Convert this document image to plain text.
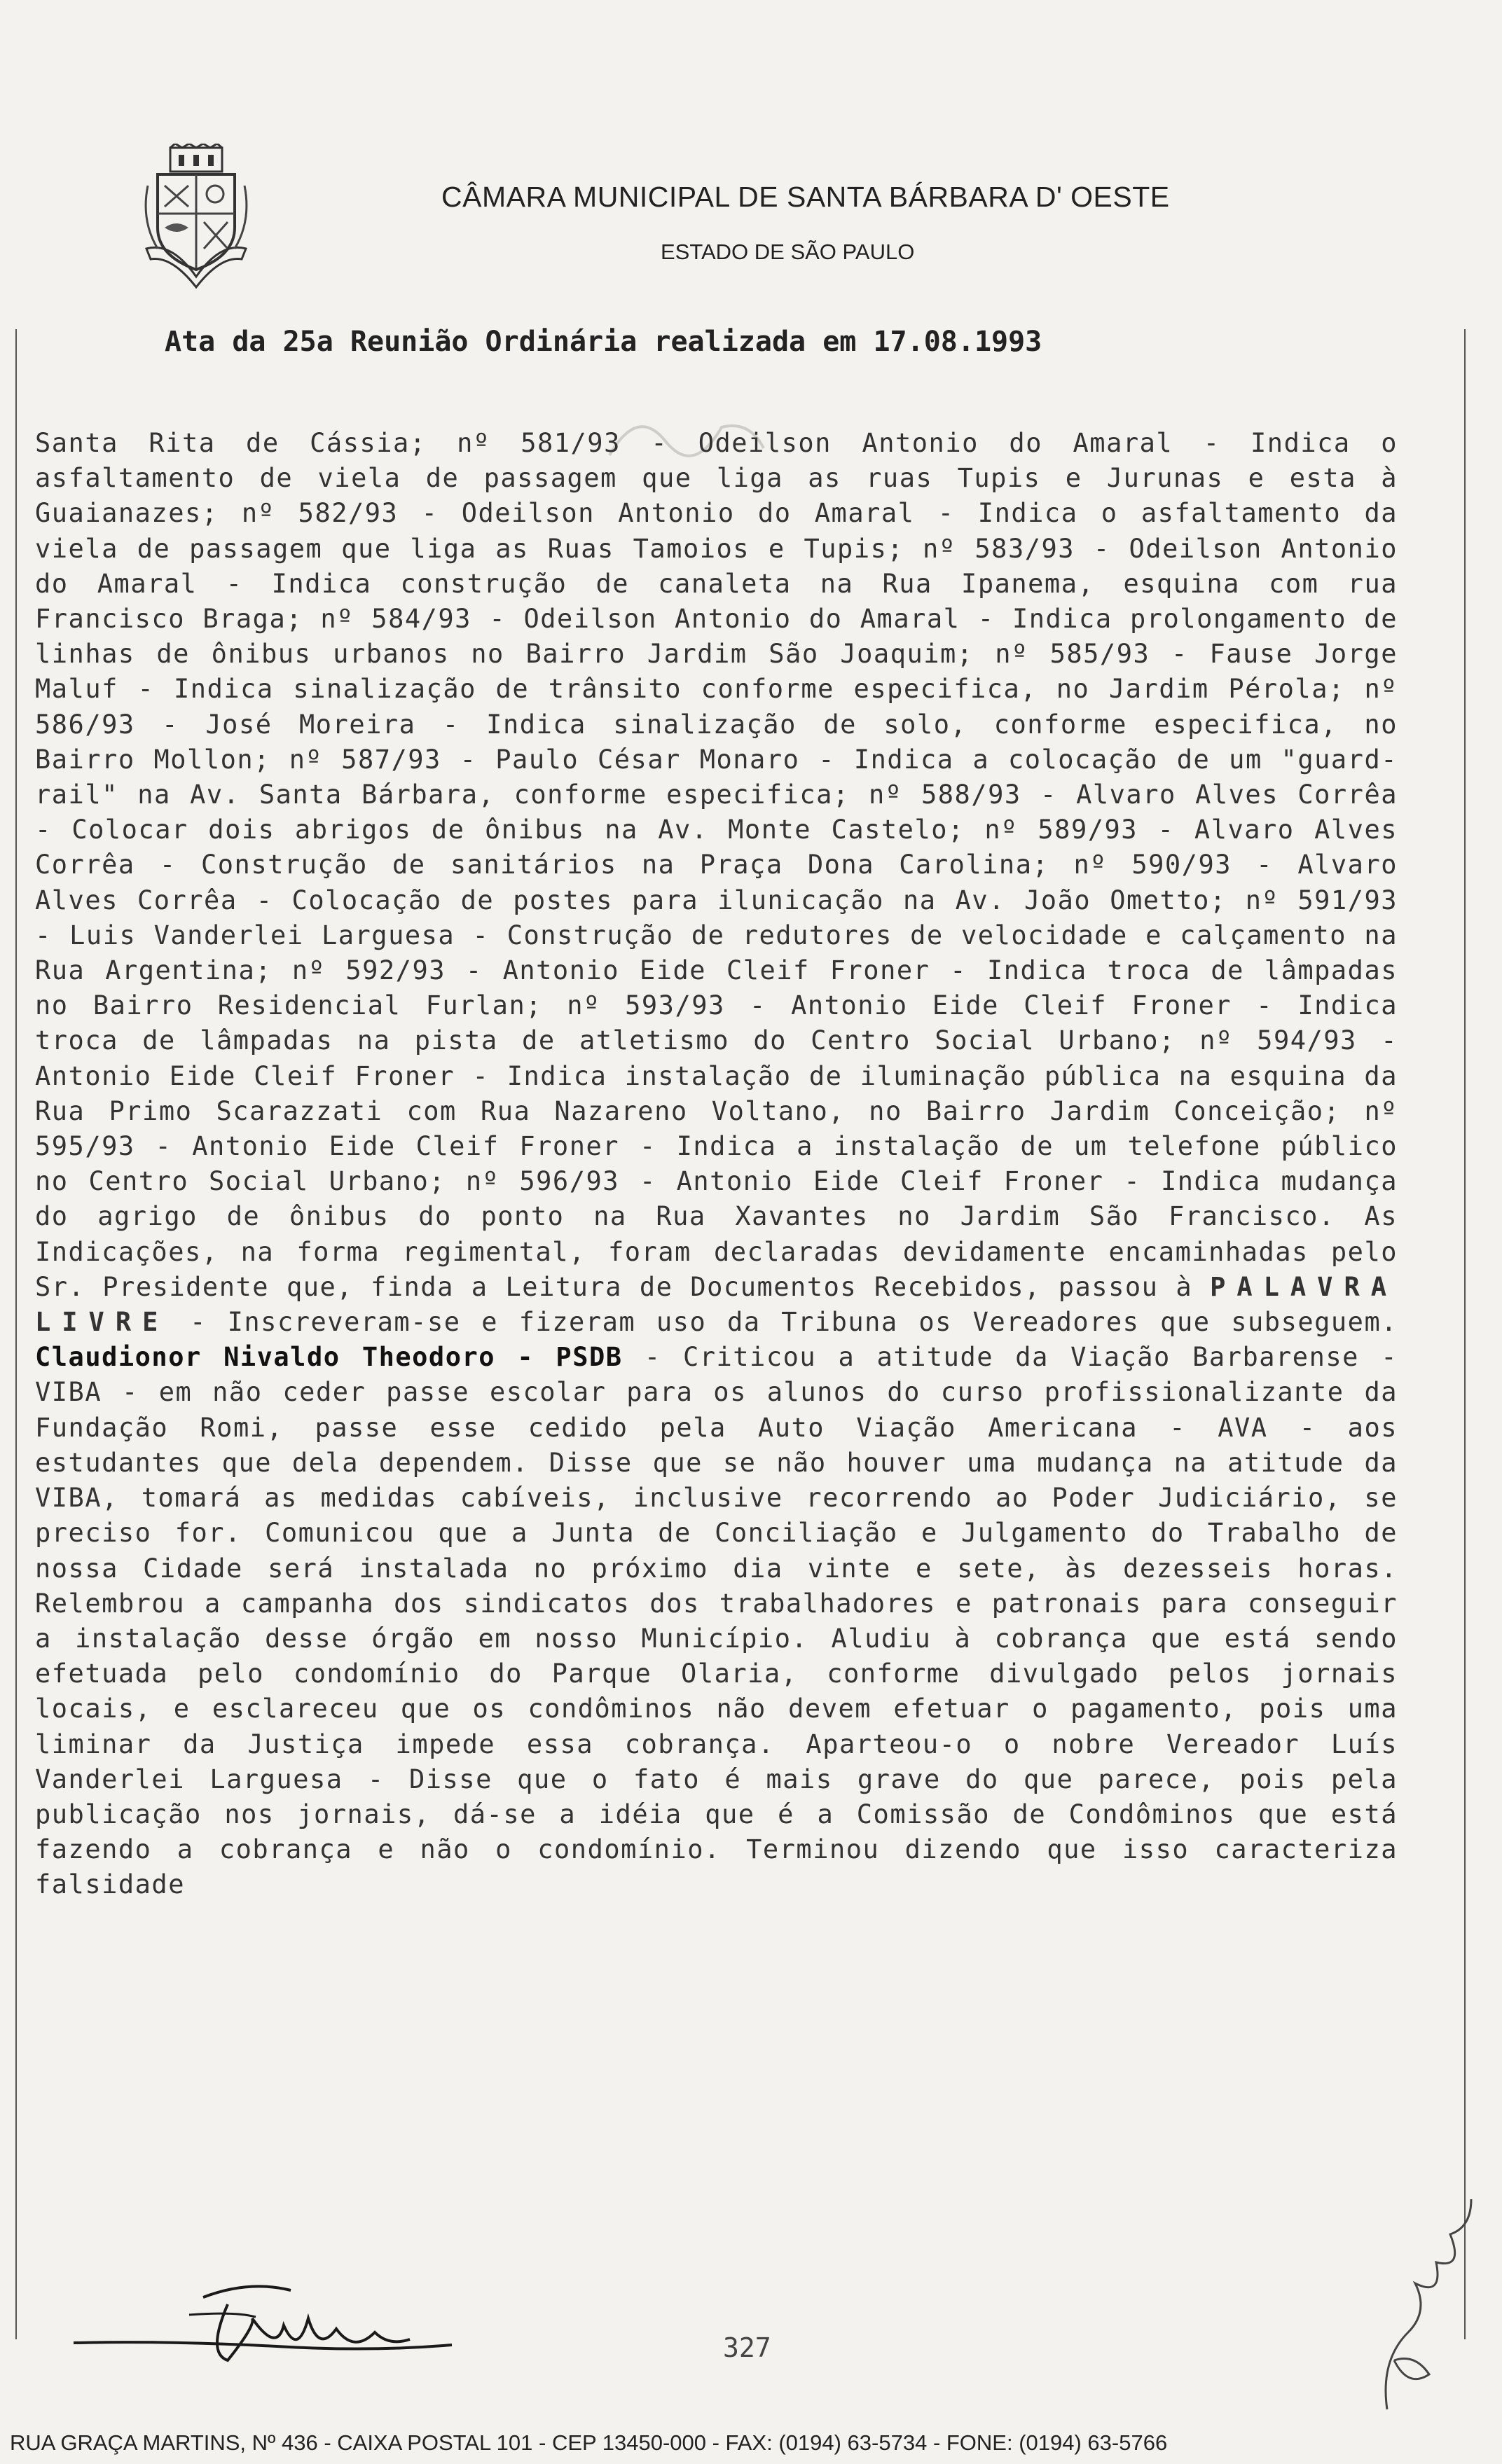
CÂMARA MUNICIPAL DE SANTA BÁRBARA D' OESTE
ESTADO DE SÃO PAULO
Ata da 25a Reunião Ordinária realizada em 17.08.1993

Santa Rita de Cássia; nº 581/93 - Odeilson Antonio do Amaral - Indica o asfaltamento de viela de passagem que liga as ruas Tupis e Jurunas e esta à Guaianazes; nº 582/93 - Odeilson Antonio do Amaral - Indica o asfaltamento da viela de passagem que liga as Ruas Tamoios e Tupis; nº 583/93 - Odeilson Antonio do Amaral - Indica construção de canaleta na Rua Ipanema, esquina com rua Francisco Braga; nº 584/93 - Odeilson Antonio do Amaral - Indica prolongamento de linhas de ônibus urbanos no Bairro Jardim São Joaquim; nº 585/93 - Fause Jorge Maluf - Indica sinalização de trânsito conforme especifica, no Jardim Pérola; nº 586/93 - José Moreira - Indica sinalização de solo, conforme especifica, no Bairro Mollon; nº 587/93 - Paulo César Monaro - Indica a colocação de um "guard-rail" na Av. Santa Bárbara, conforme especifica; nº 588/93 - Alvaro Alves Corrêa - Colocar dois abrigos de ônibus na Av. Monte Castelo; nº 589/93 - Alvaro Alves Corrêa - Construção de sanitários na Praça Dona Carolina; nº 590/93 - Alvaro Alves Corrêa - Colocação de postes para ilunicação na Av. João Ometto; nº 591/93 - Luis Vanderlei Larguesa - Construção de redutores de velocidade e calçamento na Rua Argentina; nº 592/93 - Antonio Eide Cleif Froner - Indica troca de lâmpadas no Bairro Residencial Furlan; nº 593/93 - Antonio Eide Cleif Froner - Indica troca de lâmpadas na pista de atletismo do Centro Social Urbano; nº 594/93 - Antonio Eide Cleif Froner - Indica instalação de iluminação pública na esquina da Rua Primo Scarazzati com Rua Nazareno Voltano, no Bairro Jardim Conceição; nº 595/93 - Antonio Eide Cleif Froner - Indica a instalação de um telefone público no Centro Social Urbano; nº 596/93 - Antonio Eide Cleif Froner - Indica mudança do agrigo de ônibus do ponto na Rua Xavantes no Jardim São Francisco. As Indicações, na forma regimental, foram declaradas devidamente encaminhadas pelo Sr. Presidente que, finda a Leitura de Documentos Recebidos, passou à PALAVRA LIVRE - Inscreveram-se e fizeram uso da Tribuna os Vereadores que subseguem. Claudionor Nivaldo Theodoro - PSDB - Criticou a atitude da Viação Barbarense - VIBA - em não ceder passe escolar para os alunos do curso profissionalizante da Fundação Romi, passe esse cedido pela Auto Viação Americana - AVA - aos estudantes que dela dependem. Disse que se não houver uma mudança na atitude da VIBA, tomará as medidas cabíveis, inclusive recorrendo ao Poder Judiciário, se preciso for. Comunicou que a Junta de Conciliação e Julgamento do Trabalho de nossa Cidade será instalada no próximo dia vinte e sete, às dezesseis horas. Relembrou a campanha dos sindicatos dos trabalhadores e patronais para conseguir a instalação desse órgão em nosso Município. Aludiu à cobrança que está sendo efetuada pelo condomínio do Parque Olaria, conforme divulgado pelos jornais locais, e esclareceu que os condôminos não devem efetuar o pagamento, pois uma liminar da Justiça impede essa cobrança. Aparteou-o o nobre Vereador Luís Vanderlei Larguesa - Disse que o fato é mais grave do que parece, pois pela publicação nos jornais, dá-se a idéia que é a Comissão de Condôminos que está fazendo a cobrança e não o condomínio. Terminou dizendo que isso caracteriza falsidade

327
RUA GRAÇA MARTINS, Nº 436 - CAIXA POSTAL 101 - CEP 13450-000 - FAX: (0194) 63-5734 - FONE: (0194) 63-5766
